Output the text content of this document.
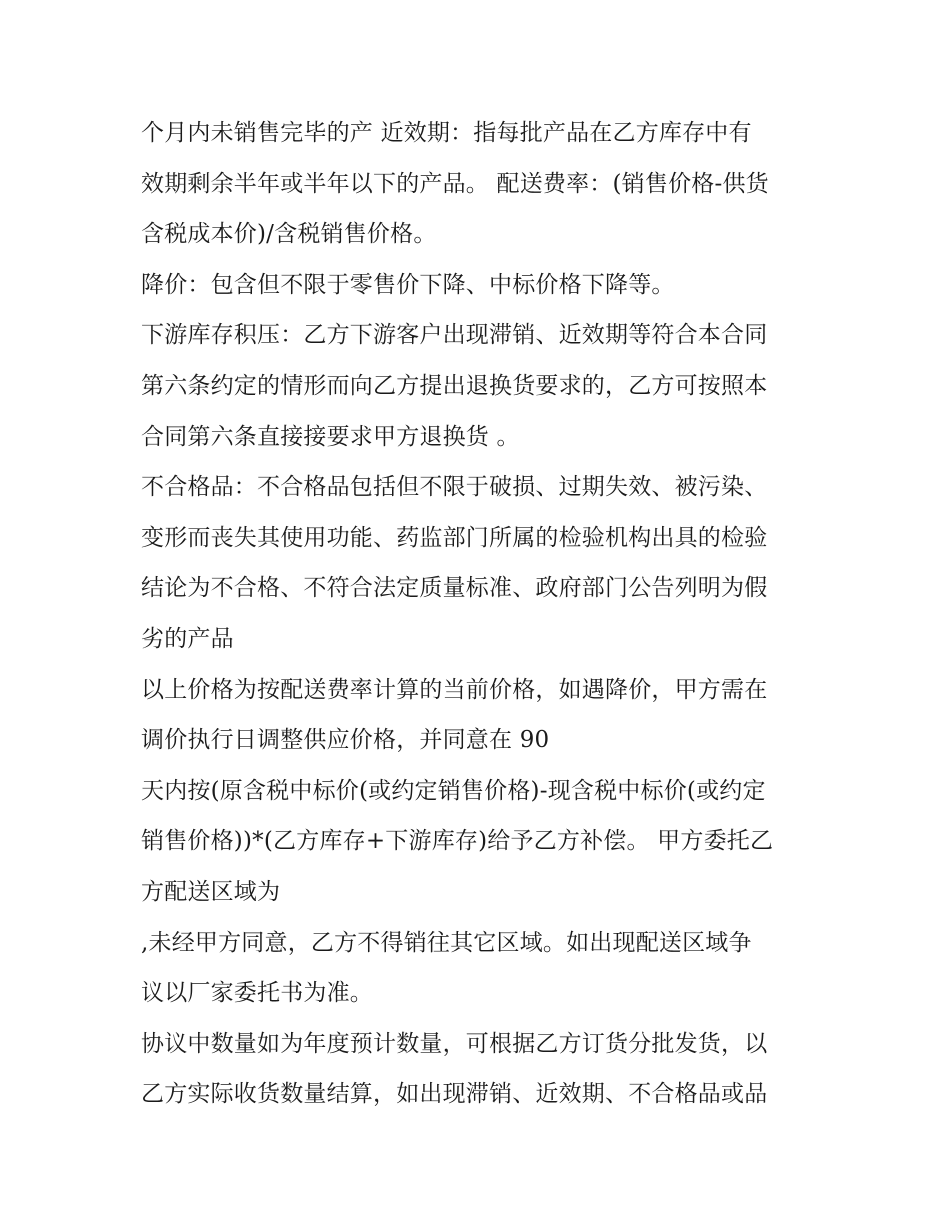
个月内未销售完毕的产 近效期：指每批产品在乙方库存中有
效期剩余半年或半年以下的产品。 配送费率：(销售价格-供货
含税成本价)/含税销售价格。
降价：包含但不限于零售价下降、中标价格下降等。
下游库存积压：乙方下游客户出现滞销、近效期等符合本合同
第六条约定的情形而向乙方提出退换货要求的，乙方可按照本
合同第六条直接接要求甲方退换货 。
不合格品：不合格品包括但不限于破损、过期失效、被污染、
变形而丧失其使用功能、药监部门所属的检验机构出具的检验
结论为不合格、不符合法定质量标准、政府部门公告列明为假
劣的产品
以上价格为按配送费率计算的当前价格，如遇降价，甲方需在
调价执行日调整供应价格，并同意在 90
天内按(原含税中标价(或约定销售价格)-现含税中标价(或约定
销售价格))*(乙方库存+下游库存)给予乙方补偿。 甲方委托乙
方配送区域为
,未经甲方同意，乙方不得销往其它区域。如出现配送区域争
议以厂家委托书为准。
协议中数量如为年度预计数量，可根据乙方订货分批发货，以
乙方实际收货数量结算，如出现滞销、近效期、不合格品或品
